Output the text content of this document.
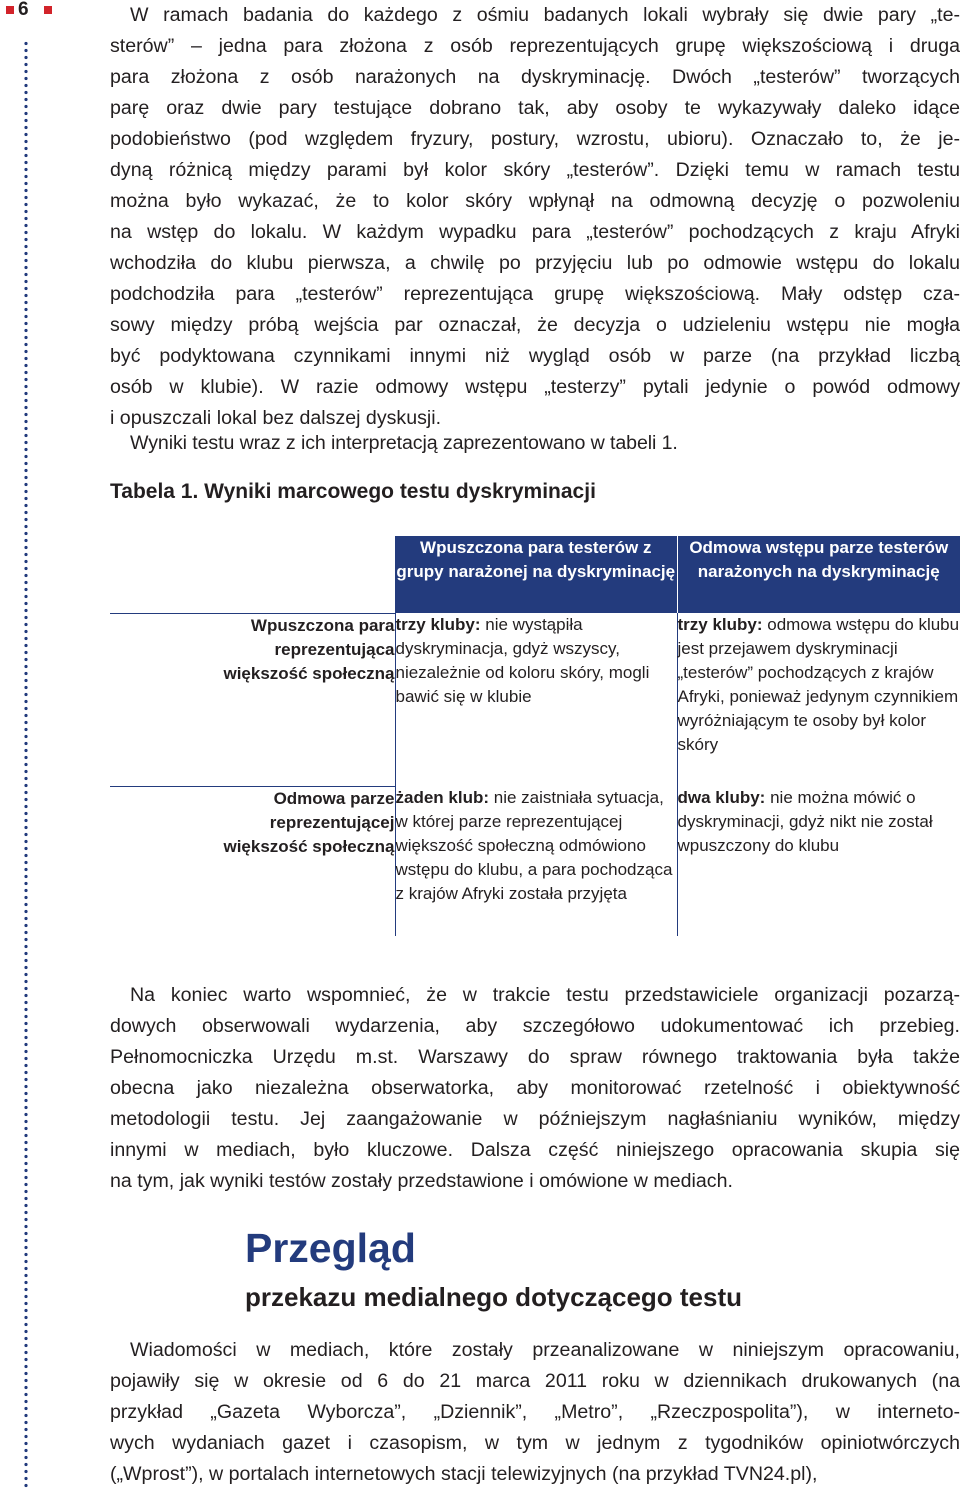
6	W ramach badania do każdego z ośmiu badanych lokali wybrały się dwie pary „te-
sterów” – jedna para złożona z osób reprezentujących grupę większościową i druga
para złożona z osób narażonych na dyskryminację. Dwóch „testerów” tworzących
parę oraz dwie pary testujące dobrano tak, aby osoby te wykazywały daleko idące
podobieństwo (pod względem fryzury, postury, wzrostu, ubioru). Oznaczało to, że je-
dyną różnicą między parami był kolor skóry „testerów”. Dzięki temu w ramach testu
można było wykazać, że to kolor skóry wpłynął na odmowną decyzję o pozwoleniu
na wstęp do lokalu. W każdym wypadku para „testerów” pochodzących z kraju Afryki
wchodziła do klubu pierwsza, a chwilę po przyjęciu lub po odmowie wstępu do lokalu
podchodziła para „testerów” reprezentująca grupę większościową. Mały odstęp cza-
sowy między próbą wejścia par oznaczał, że decyzja o udzieleniu wstępu nie mogła
być podyktowana czynnikami innymi niż wygląd osób w parze (na przykład liczbą
osób w klubie). W razie odmowy wstępu „testerzy” pytali jedynie o powód odmowy
i opuszczali lokal bez dalszej dyskusji.

Wyniki testu wraz z ich interpretacją zaprezentowano w tabeli 1.

Tabela 1. Wyniki marcowego testu dyskryminacji
	Wpuszczona para testerów z grupy narażonej na dyskryminację	Odmowa wstępu parze testerów narażonych na dyskryminację

Wpuszczona para reprezentująca większość społeczną	trzy kluby: nie wystąpiła dyskryminacja, gdyż wszyscy, niezależnie od koloru skóry, mogli bawić się w klubie	trzy kluby: odmowa wstępu do klubu jest przejawem dyskryminacji „testerów” pochodzących z krajów Afryki, ponieważ jedynym czynnikiem wyróżniającym te osoby był kolor skóry

Odmowa parze reprezentującej większość społeczną	żaden klub: nie zaistniała sytuacja, w której parze reprezentującej większość społeczną odmówiono wstępu do klubu, a para pochodząca z krajów Afryki została przyjęta	dwa kluby: nie można mówić o dyskryminacji, gdyż nikt nie został wpuszczony do klubu
Na koniec warto wspomnieć, że w trakcie testu przedstawiciele organizacji pozarzą-
dowych obserwowali wydarzenia, aby szczegółowo udokumentować ich przebieg.
Pełnomocniczka Urzędu m.st. Warszawy do spraw równego traktowania była także
obecna jako niezależna obserwatorka, aby monitorować rzetelność i obiektywność
metodologii testu. Jej zaangażowanie w późniejszym nagłaśnianiu wyników, między
innymi w mediach, było kluczowe. Dalsza część niniejszego opracowania skupia się
na tym, jak wyniki testów zostały przedstawione i omówione w mediach.
Przegląd
przekazu medialnego dotyczącego testu
Wiadomości w mediach, które zostały przeanalizowane w niniejszym opracowaniu,
pojawiły się w okresie od 6 do 21 marca 2011 roku w dziennikach drukowanych (na
przykład „Gazeta Wyborcza”, „Dziennik”, „Metro”, „Rzeczpospolita”), w interneto-
wych wydaniach gazet i czasopism, w tym w jednym z tygodników opiniotwórczych
(„Wprost”), w portalach internetowych stacji telewizyjnych (na przykład TVN24.pl),
